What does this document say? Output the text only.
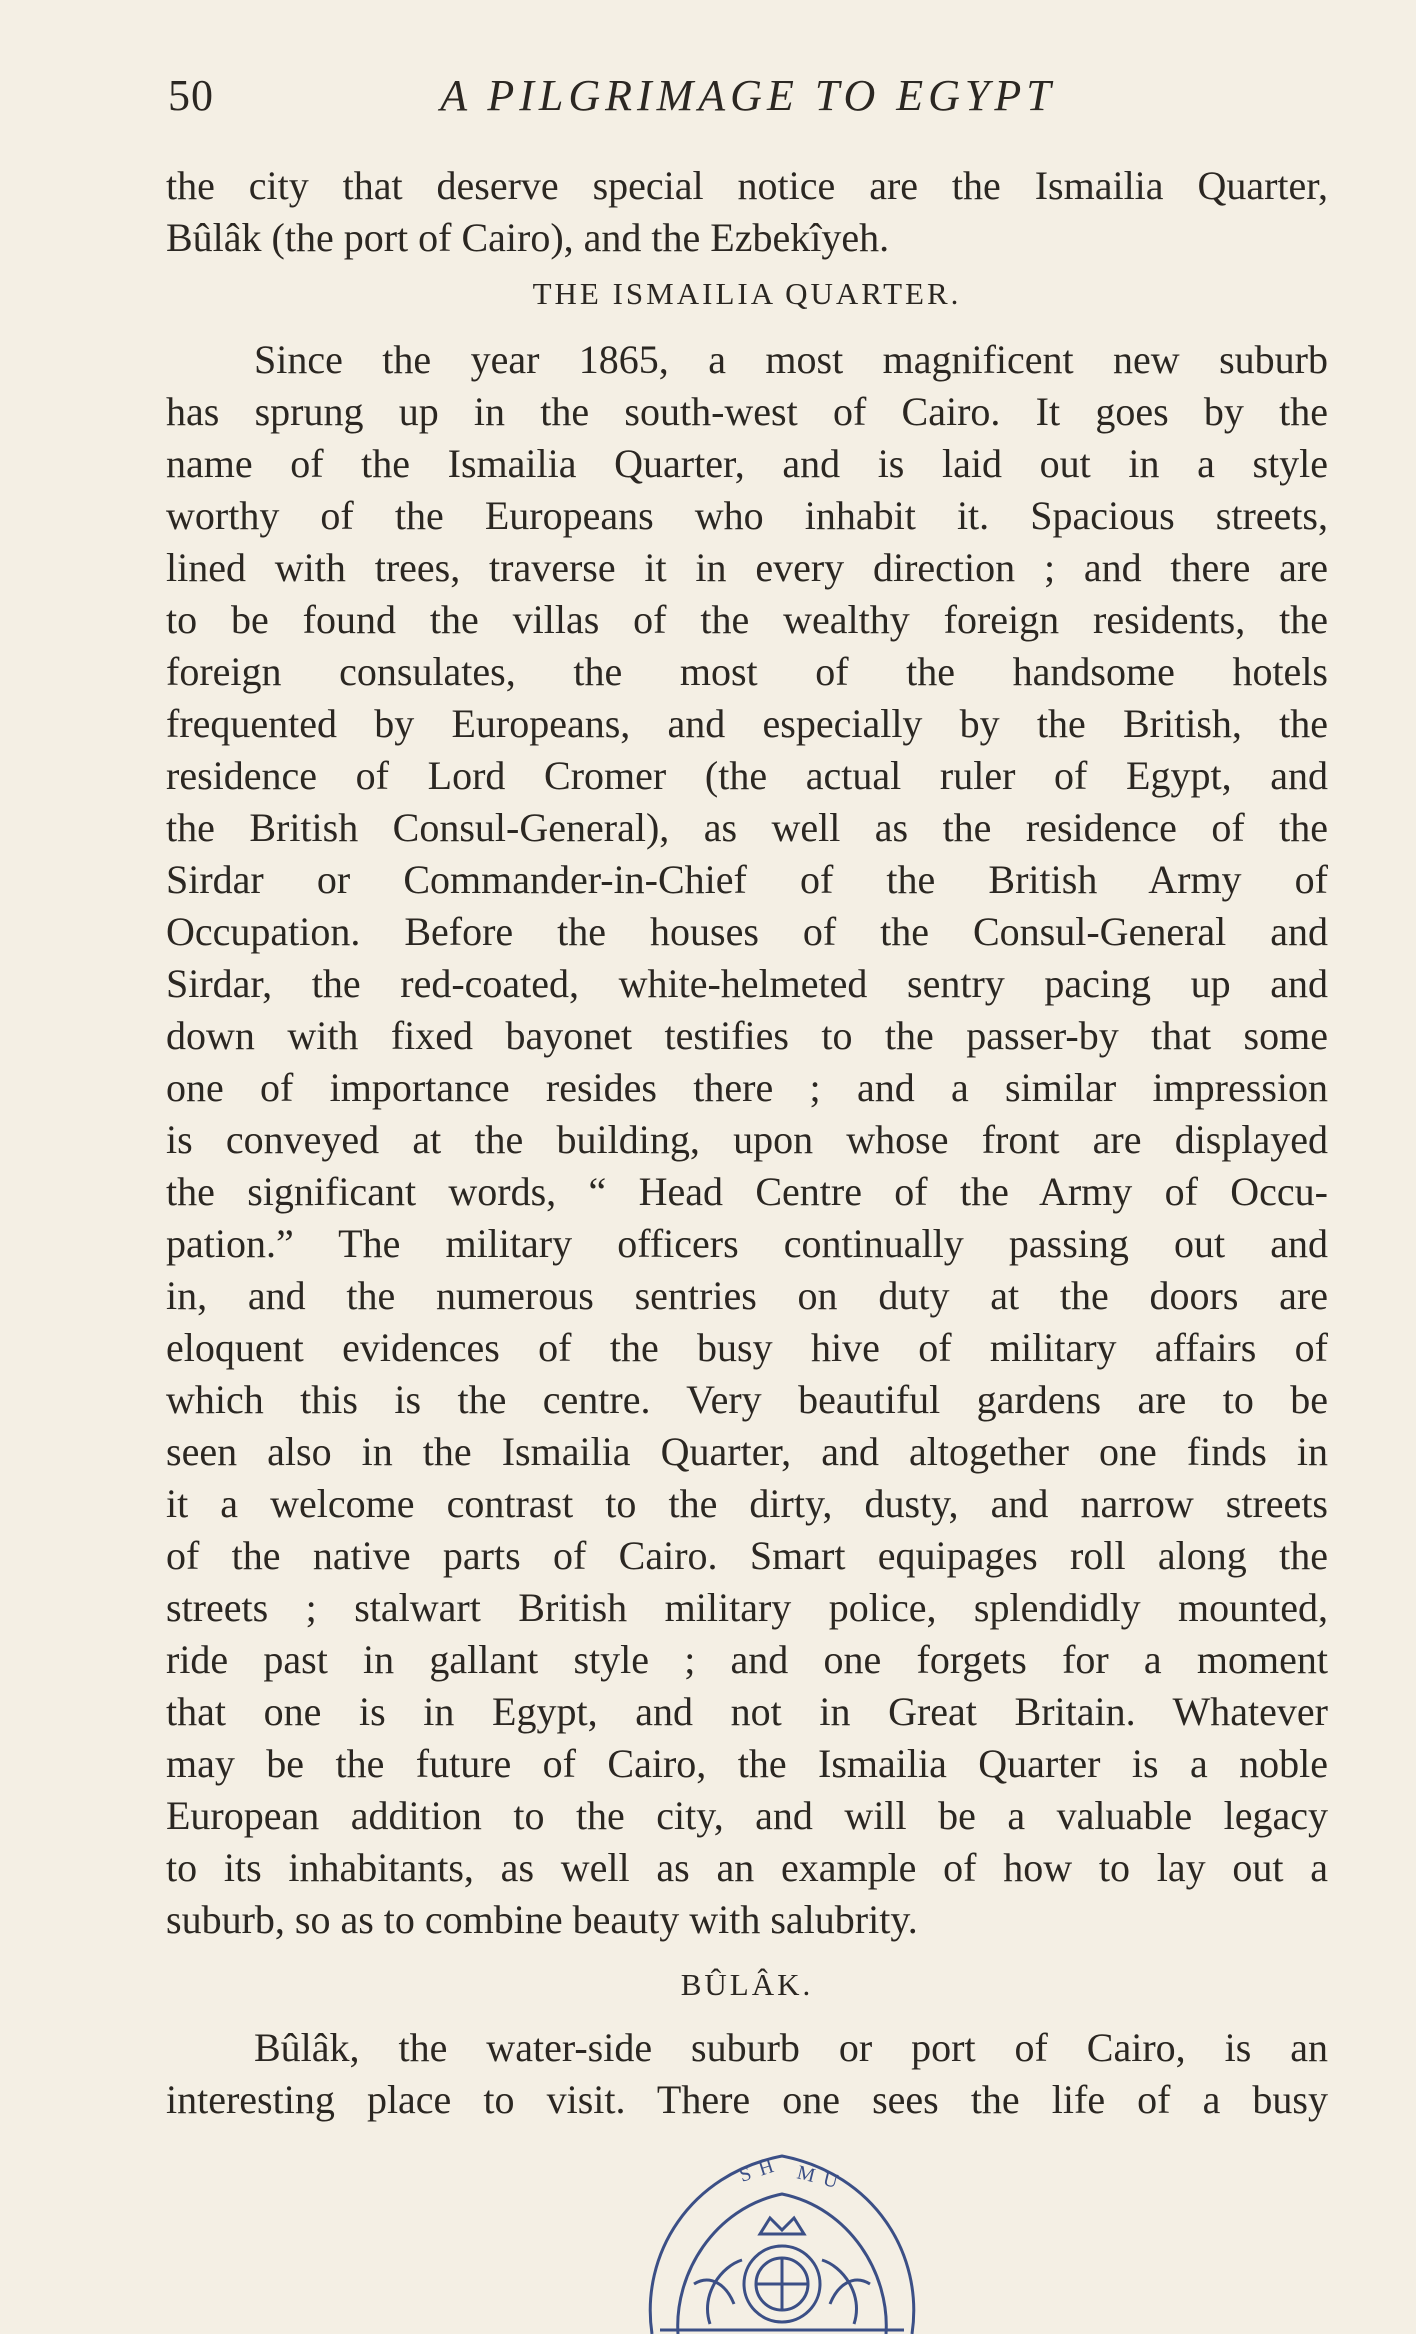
50	A PILGRIMAGE TO EGYPT
the city that deserve special notice are the Ismailia Quarter,
Bûlâk (the port of Cairo), and the Ezbekîyeh.
THE ISMAILIA QUARTER.
Since the year 1865, a most magnificent new suburb
has sprung up in the south-west of Cairo. It goes by the
name of the Ismailia Quarter, and is laid out in a style
worthy of the Europeans who inhabit it. Spacious streets,
lined with trees, traverse it in every direction ; and there are
to be found the villas of the wealthy foreign residents, the
foreign consulates, the most of the handsome hotels
frequented by Europeans, and especially by the British, the
residence of Lord Cromer (the actual ruler of Egypt, and
the British Consul-General), as well as the residence of the
Sirdar or Commander-in-Chief of the British Army of
Occupation. Before the houses of the Consul-General and
Sirdar, the red-coated, white-helmeted sentry pacing up and
down with fixed bayonet testifies to the passer-by that some
one of importance resides there ; and a similar impression
is conveyed at the building, upon whose front are displayed
the significant words, “ Head Centre of the Army of Occu-
pation.” The military officers continually passing out and
in, and the numerous sentries on duty at the doors are
eloquent evidences of the busy hive of military affairs of
which this is the centre. Very beautiful gardens are to be
seen also in the Ismailia Quarter, and altogether one finds in
it a welcome contrast to the dirty, dusty, and narrow streets
of the native parts of Cairo. Smart equipages roll along the
streets ; stalwart British military police, splendidly mounted,
ride past in gallant style ; and one forgets for a moment
that one is in Egypt, and not in Great Britain. Whatever
may be the future of Cairo, the Ismailia Quarter is a noble
European addition to the city, and will be a valuable legacy
to its inhabitants, as well as an example of how to lay out a
suburb, so as to combine beauty with salubrity.
BÛLÂK.
Bûlâk, the water-side suburb or port of Cairo, is an
interesting place to visit. There one sees the life of a busy
S H M U
